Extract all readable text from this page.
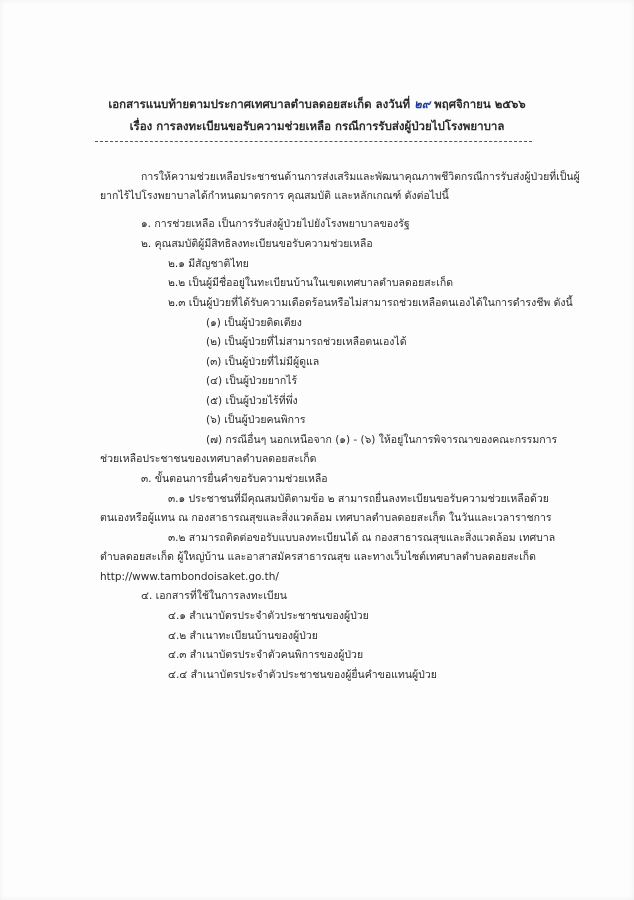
เอกสารแนบท้ายตามประกาศเทศบาลตำบลดอยสะเก็ด ลงวันที่ ๒๙ พฤศจิกายน ๒๕๖๖
เรื่อง การลงทะเบียนขอรับความช่วยเหลือ กรณีการรับส่งผู้ป่วยไปโรงพยาบาล
การให้ความช่วยเหลือประชาชนด้านการส่งเสริมและพัฒนาคุณภาพชีวิตกรณีการรับส่งผู้ป่วยที่เป็นผู้
ยากไร้ไปโรงพยาบาลได้กำหนดมาตรการ คุณสมบัติ และหลักเกณฑ์ ดังต่อไปนี้
๑. การช่วยเหลือ เป็นการรับส่งผู้ป่วยไปยังโรงพยาบาลของรัฐ
๒. คุณสมบัติผู้มีสิทธิลงทะเบียนขอรับความช่วยเหลือ
๒.๑ มีสัญชาติไทย
๒.๒ เป็นผู้มีชื่ออยู่ในทะเบียนบ้านในเขตเทศบาลตำบลดอยสะเก็ด
๒.๓ เป็นผู้ป่วยที่ได้รับความเดือดร้อนหรือไม่สามารถช่วยเหลือตนเองได้ในการดำรงชีพ ดังนี้
(๑) เป็นผู้ป่วยติดเตียง
(๒) เป็นผู้ป่วยที่ไม่สามารถช่วยเหลือตนเองได้
(๓) เป็นผู้ป่วยที่ไม่มีผู้ดูแล
(๔) เป็นผู้ป่วยยากไร้
(๕) เป็นผู้ป่วยไร้ที่พึ่ง
(๖) เป็นผู้ป่วยคนพิการ
(๗) กรณีอื่นๆ นอกเหนือจาก (๑) - (๖) ให้อยู่ในการพิจารณาของคณะกรรมการ
ช่วยเหลือประชาชนของเทศบาลตำบลดอยสะเก็ด
๓. ขั้นตอนการยื่นคำขอรับความช่วยเหลือ
๓.๑ ประชาชนที่มีคุณสมบัติตามข้อ ๒ สามารถยื่นลงทะเบียนขอรับความช่วยเหลือด้วย
ตนเองหรือผู้แทน ณ กองสาธารณสุขและสิ่งแวดล้อม เทศบาลตำบลดอยสะเก็ด ในวันและเวลาราชการ
๓.๒ สามารถติดต่อขอรับแบบลงทะเบียนได้ ณ กองสาธารณสุขและสิ่งแวดล้อม เทศบาล
ตำบลดอยสะเก็ด ผู้ใหญ่บ้าน และอาสาสมัครสาธารณสุข และทางเว็บไซต์เทศบาลตำบลดอยสะเก็ด
http://www.tambondoisaket.go.th/
๔. เอกสารที่ใช้ในการลงทะเบียน
๔.๑ สำเนาบัตรประจำตัวประชาชนของผู้ป่วย
๔.๒ สำเนาทะเบียนบ้านของผู้ป่วย
๔.๓ สำเนาบัตรประจำตัวคนพิการของผู้ป่วย
๔.๔ สำเนาบัตรประจำตัวประชาชนของผู้ยื่นคำขอแทนผู้ป่วย
